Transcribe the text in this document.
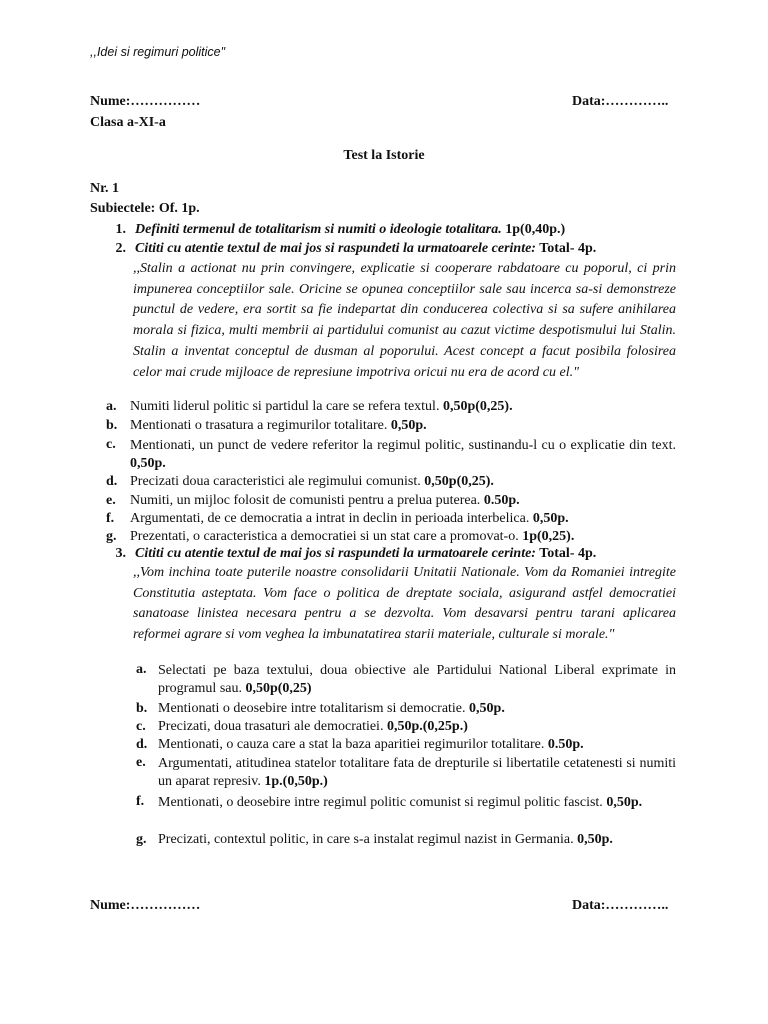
,,Idei si regimuri politice"
Nume:……………	Data:…………..
Clasa a-XI-a
Test la Istorie
Nr. 1
Subiectele: Of. 1p.
1. Definiti termenul de totalitarism si numiti o ideologie totalitara. 1p(0,40p.)
2. Cititi cu atentie textul de mai jos si raspundeti la urmatoarele cerinte: Total- 4p.
,,Stalin a actionat nu prin convingere, explicatie si cooperare rabdatoare cu poporul, ci prin impunerea conceptiilor sale. Oricine se opunea conceptiilor sale sau incerca sa-si demonstreze punctul de vedere, era sortit sa fie indepartat din conducerea colectiva si sa sufere anihilarea morala si fizica, multi membrii ai partidului comunist au cazut victime despotismului lui Stalin. Stalin a inventat conceptul de dusman al poporului. Acest concept a facut posibila folosirea celor mai crude mijloace de represiune impotriva oricui nu era de acord cu el."
a. Numiti liderul politic si partidul la care se refera textul. 0,50p(0,25).
b. Mentionati o trasatura a regimurilor totalitare. 0,50p.
c. Mentionati, un punct de vedere referitor la regimul politic, sustinandu-l cu o explicatie din text. 0,50p.
d. Precizati doua caracteristici ale regimului comunist. 0,50p(0,25).
e. Numiti, un mijloc folosit de comunisti pentru a prelua puterea. 0.50p.
f. Argumentati, de ce democratia a intrat in declin in perioada interbelica. 0,50p.
g. Prezentati, o caracteristica a democratiei si un stat care a promovat-o. 1p(0,25).
3. Cititi cu atentie textul de mai jos si raspundeti la urmatoarele cerinte: Total- 4p.
,,Vom inchina toate puterile noastre consolidarii Unitatii Nationale. Vom da Romaniei intregite Constitutia asteptata. Vom face o politica de dreptate sociala, asigurand astfel democratiei sanatoase linistea necesara pentru a se dezvolta. Vom desavarsi pentru tarani aplicarea reformei agrare si vom veghea la imbunatatirea starii materiale, culturale si morale."
a. Selectati pe baza textului, doua obiective ale Partidului National Liberal exprimate in programul sau. 0,50p(0,25)
b. Mentionati o deosebire intre totalitarism si democratie. 0,50p.
c. Precizati, doua trasaturi ale democratiei. 0,50p.(0,25p.)
d. Mentionati, o cauza care a stat la baza aparitiei regimurilor totalitare. 0.50p.
e. Argumentati, atitudinea statelor totalitare fata de drepturile si libertatile cetatenesti si numiti un aparat represiv. 1p.(0,50p.)
f. Mentionati, o deosebire intre regimul politic comunist si regimul politic fascist. 0,50p.
g. Precizati, contextul politic, in care s-a instalat regimul nazist in Germania. 0,50p.
Nume:……………	Data:…………..
